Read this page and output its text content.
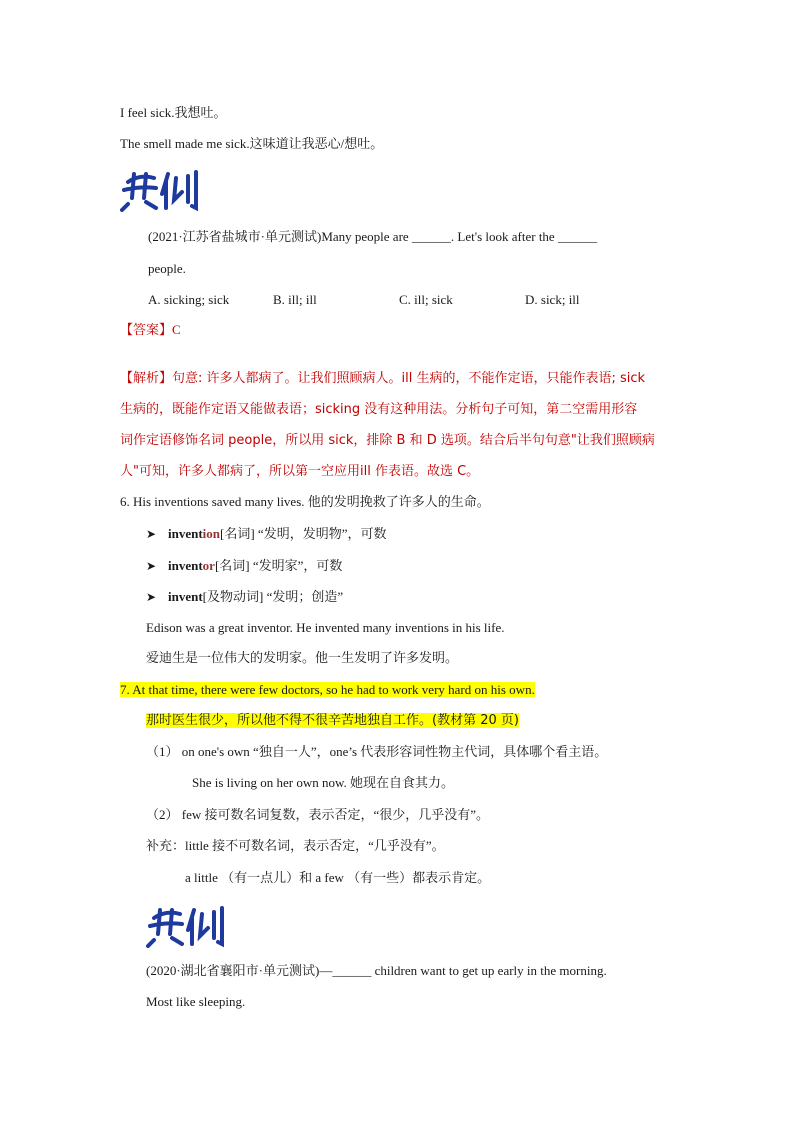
I feel sick.我想吐。
The smell made me sick.这味道让我恶心/想吐。
(2021·江苏省盐城市·单元测试)Many people are ______. Let's look after the ______
people.
A. sicking; sick	B. ill; ill	C. ill; sick	D. sick; ill
【答案】C
【解析】句意: 许多人都病了。让我们照顾病人。ill 生病的，不能作定语，只能作表语; sick
生病的，既能作定语又能做表语；sicking 没有这种用法。分析句子可知，第二空需用形容
词作定语修饰名词 people，所以用 sick，排除 B 和 D 选项。结合后半句句意"让我们照顾病
人"可知，许多人都病了，所以第一空应用ill 作表语。故选 C。
6. His inventions saved many lives. 他的发明挽救了许多人的生命。
➤ invention[名词] “发明，发明物”，可数
➤ inventor[名词] “发明家”，可数
➤ invent[及物动词] “发明；创造”
Edison was a great inventor. He invented many inventions in his life.
爱迪生是一位伟大的发明家。他一生发明了许多发明。
7. At that time, there were few doctors, so he had to work very hard on his own.
那时医生很少，所以他不得不很辛苦地独自工作。(教材第 20 页)
（1） on one's own “独自一人”，one’s 代表形容词性物主代词，具体哪个看主语。
She is living on her own now. 她现在自食其力。
（2） few 接可数名词复数，表示否定，“很少，几乎没有”。
补充：little 接不可数名词，表示否定，“几乎没有”。
a little （有一点儿）和 a few （有一些）都表示肯定。
(2020·湖北省襄阳市·单元测试)—______ children want to get up early in the morning.
Most like sleeping.
